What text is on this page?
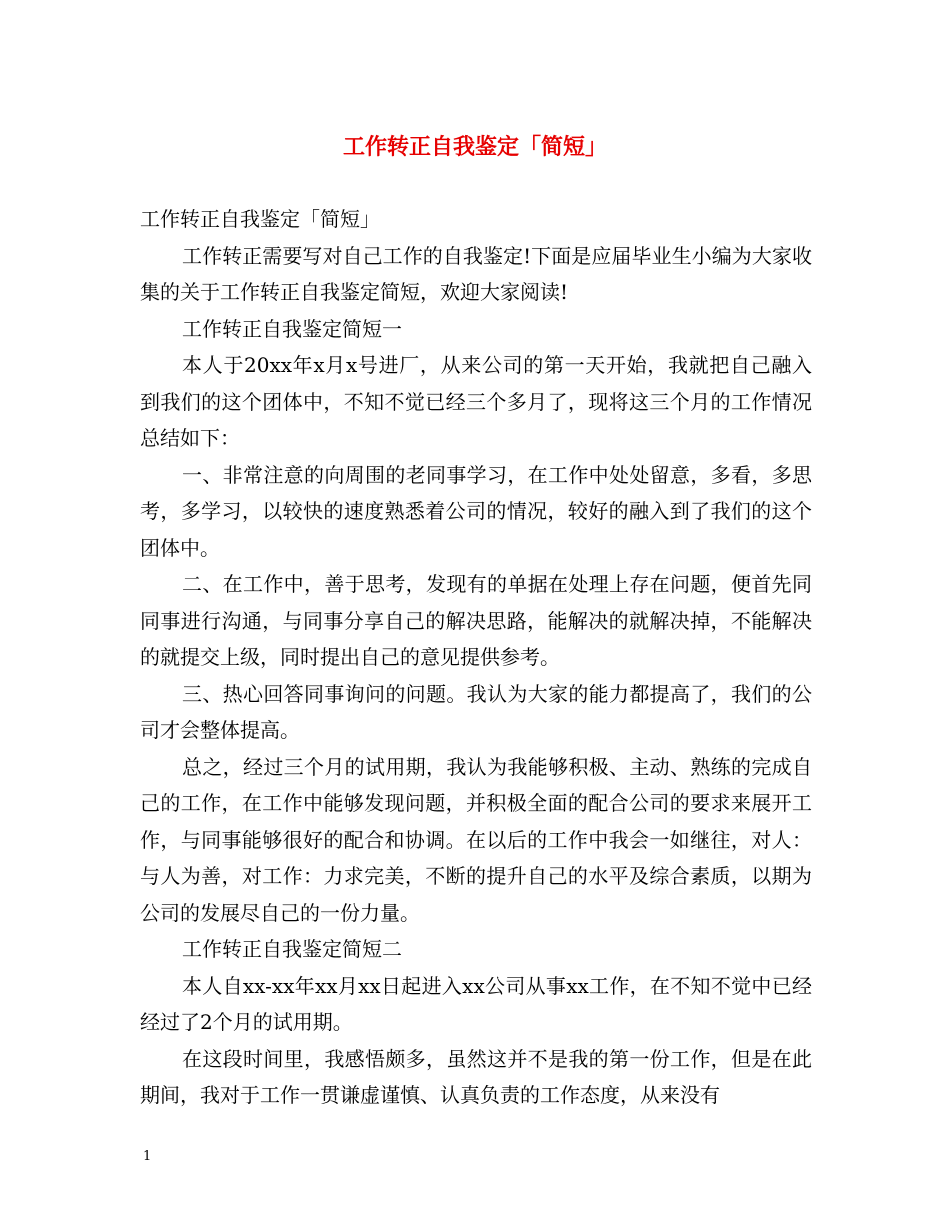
工作转正自我鉴定「简短」

工作转正自我鉴定「简短」

工作转正需要写对自己工作的自我鉴定!下面是应届毕业生小编为大家收集的关于工作转正自我鉴定简短，欢迎大家阅读!

工作转正自我鉴定简短一

本人于20xx年x月x号进厂，从来公司的第一天开始，我就把自己融入到我们的这个团体中，不知不觉已经三个多月了，现将这三个月的工作情况总结如下：

一、非常注意的向周围的老同事学习，在工作中处处留意，多看，多思考，多学习，以较快的速度熟悉着公司的情况，较好的融入到了我们的这个团体中。

二、在工作中，善于思考，发现有的单据在处理上存在问题，便首先同同事进行沟通，与同事分享自己的解决思路，能解决的就解决掉，不能解决的就提交上级，同时提出自己的意见提供参考。

三、热心回答同事询问的问题。我认为大家的能力都提高了，我们的公司才会整体提高。

总之，经过三个月的试用期，我认为我能够积极、主动、熟练的完成自己的工作，在工作中能够发现问题，并积极全面的配合公司的要求来展开工作，与同事能够很好的配合和协调。在以后的工作中我会一如继往，对人：与人为善，对工作：力求完美，不断的提升自己的水平及综合素质，以期为公司的发展尽自己的一份力量。

工作转正自我鉴定简短二

本人自xx-xx年xx月xx日起进入xx公司从事xx工作，在不知不觉中已经经过了2个月的试用期。

在这段时间里，我感悟颇多，虽然这并不是我的第一份工作，但是在此期间，我对于工作一贯谦虚谨慎、认真负责的工作态度，从来没有

1
